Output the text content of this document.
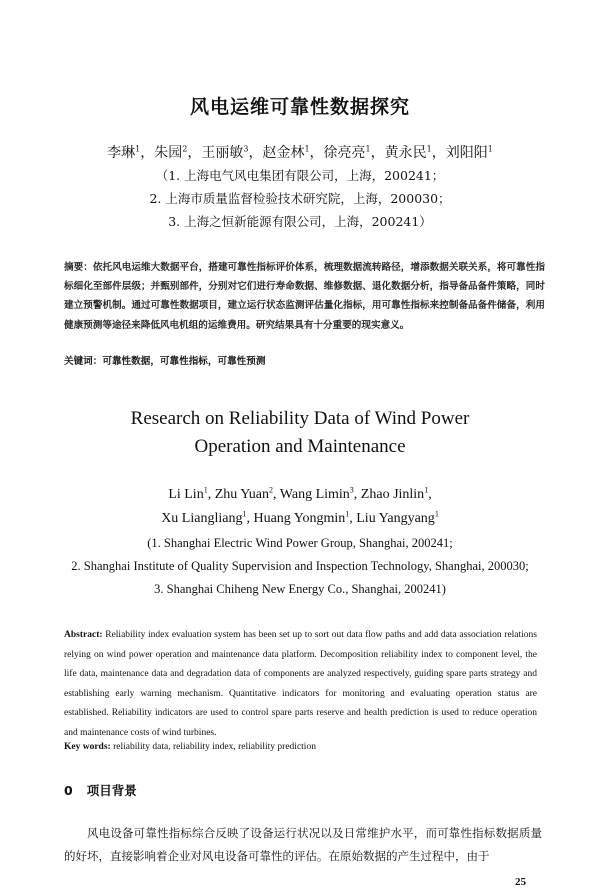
风电运维可靠性数据探究
李琳$^1$，朱园$^2$，王丽敏$^3$，赵金林$^1$，徐亮亮$^1$，黄永民$^1$，刘阳阳$^1$
（1. 上海电气风电集团有限公司，上海，200241；
2. 上海市质量监督检验技术研究院，上海，200030；
3. 上海之恒新能源有限公司，上海，200241）
摘要：依托风电运维大数据平台，搭建可靠性指标评价体系，梳理数据流转路径，增添数据关联关系，将可靠性指标细化至部件层级；并甄别部件，分别对它们进行寿命数据、维修数据、退化数据分析，指导备品备件策略，同时建立预警机制。通过可靠性数据项目，建立运行状态监测评估量化指标，用可靠性指标来控制备品备件储备，利用健康预测等途径来降低风电机组的运维费用。研究结果具有十分重要的现实意义。
关键词：可靠性数据，可靠性指标，可靠性预测
Research on Reliability Data of Wind Power
Operation and Maintenance
Li Lin$^1$, Zhu Yuan$^2$, Wang Limin$^3$, Zhao Jinlin$^1$,
Xu Liangliang$^1$, Huang Yongmin$^1$, Liu Yangyang$^1$
(1. Shanghai Electric Wind Power Group, Shanghai, 200241;
2. Shanghai Institute of Quality Supervision and Inspection Technology, Shanghai, 200030;
3. Shanghai Chiheng New Energy Co., Shanghai, 200241)
Abstract: Reliability index evaluation system has been set up to sort out data flow paths and add data association relations relying on wind power operation and maintenance data platform. Decomposition reliability index to component level, the life data, maintenance data and degradation data of components are analyzed respectively, guiding spare parts strategy and establishing early warning mechanism. Quantitative indicators for monitoring and evaluating operation status are established. Reliability indicators are used to control spare parts reserve and health prediction is used to reduce operation and maintenance costs of wind turbines.
Key words: reliability data, reliability index, reliability prediction
0 项目背景
风电设备可靠性指标综合反映了设备运行状况以及日常维护水平，而可靠性指标数据质量的好坏，直接影响着企业对风电设备可靠性的评估。在原始数据的产生过程中，由于
25
